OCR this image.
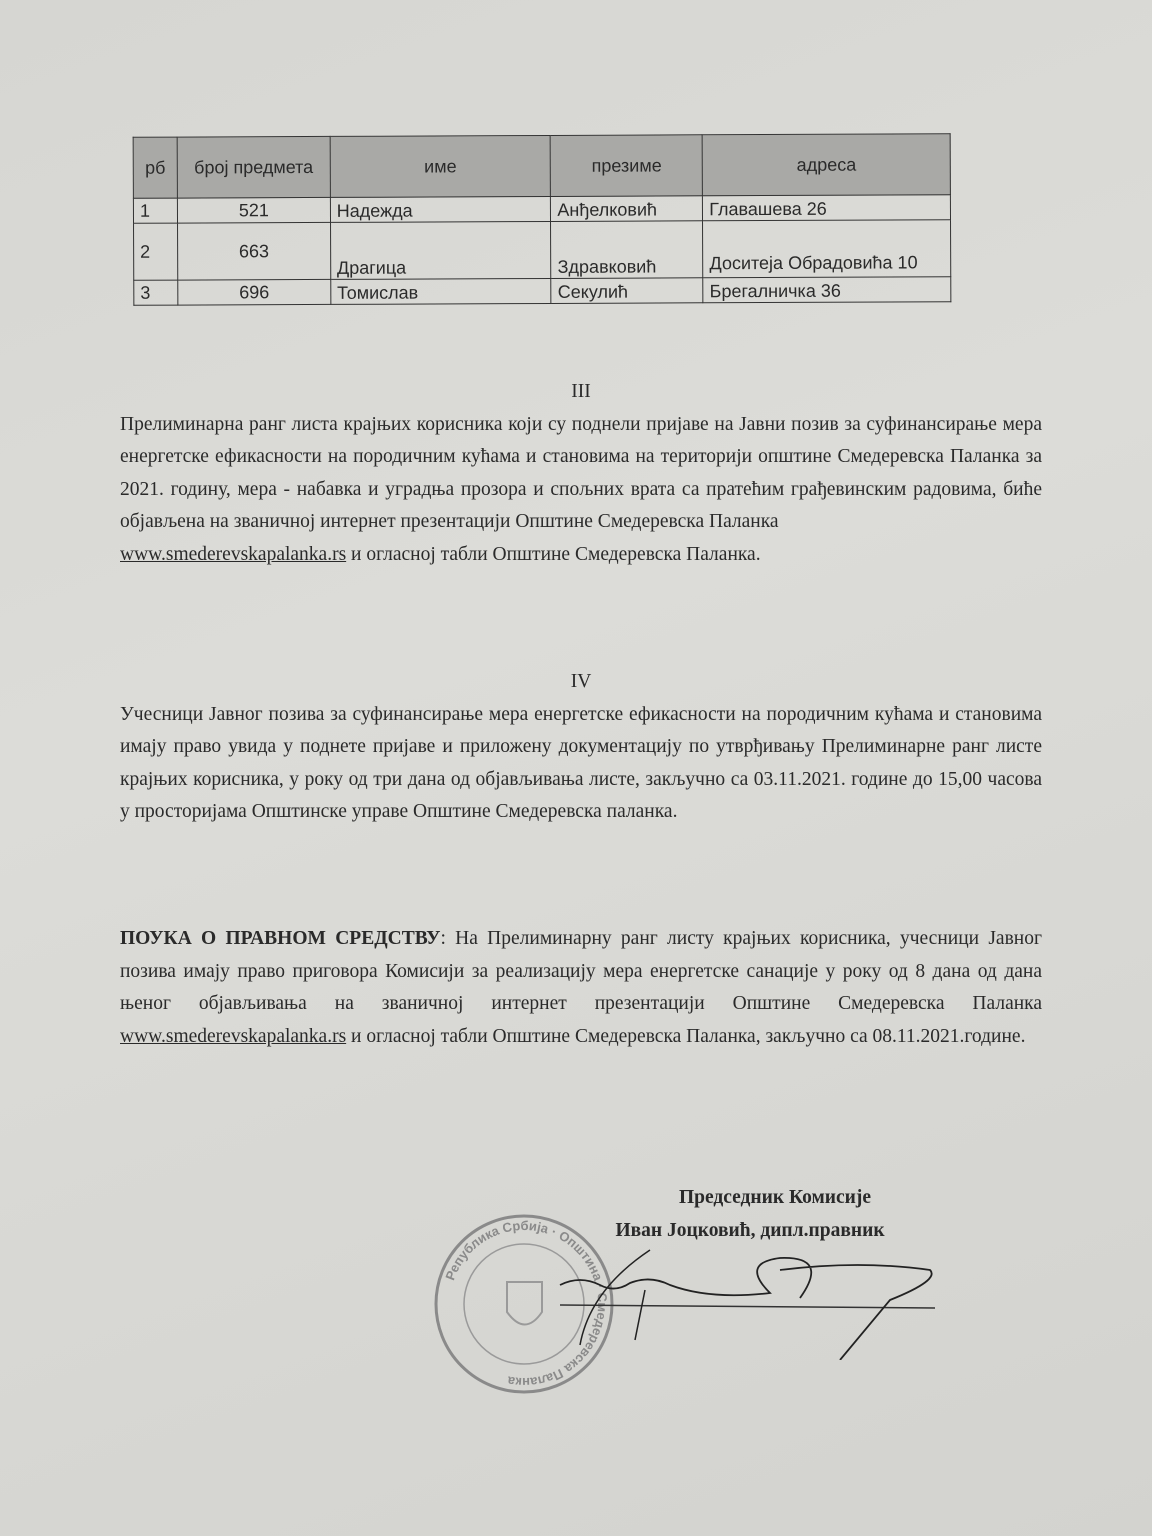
рб	број предмета	име	презиме	адреса
1	521	Надежда	Анђелковић	Главашева 26
2	663	Драгица	Здравковић	Доситеја Обрадовића 10
3	696	Томислав	Секулић	Брегалничка 36
III
Прелиминарна ранг листа крајњих корисника који су поднели пријаве на Јавни позив за суфинансирање мера енергетске ефикасности на породичним кућама и становима на територији општине Смедеревска Паланка за 2021. годину, мера - набавка и уградња прозора и спољних врата са пратећим грађевинским радовима, биће објављена на званичној интернет презентацији Општине Смедеревска Паланка
www.smederevskapalanka.rs и огласној табли Општине Смедеревска Паланка.
IV
Учесници Јавног позива за суфинансирање мера енергетске ефикасности на породичним кућама и становима имају право увида у поднете пријаве и приложену документацију по утврђивању Прелиминарне ранг листе крајњих корисника, у року од три дана од објављивања листе, закључно са 03.11.2021. године до 15,00 часова у просторијама Општинске управе Општине Смедеревска паланка.
ПОУКА О ПРАВНОМ СРЕДСТВУ: На Прелиминарну ранг листу крајњих корисника, учесници Јавног позива имају право приговора Комисији за реализацију мера енергетске санације у року од 8 дана од дана њеног објављивања на званичној интернет презентацији Општине Смедеревска Паланка www.smederevskapalanka.rs и огласној табли Општине Смедеревска Паланка, закључно са 08.11.2021.године.
Република Србија · Општина · Смедеревска Паланка
Председник Комисије
Иван Јоцковић, дипл.правник
